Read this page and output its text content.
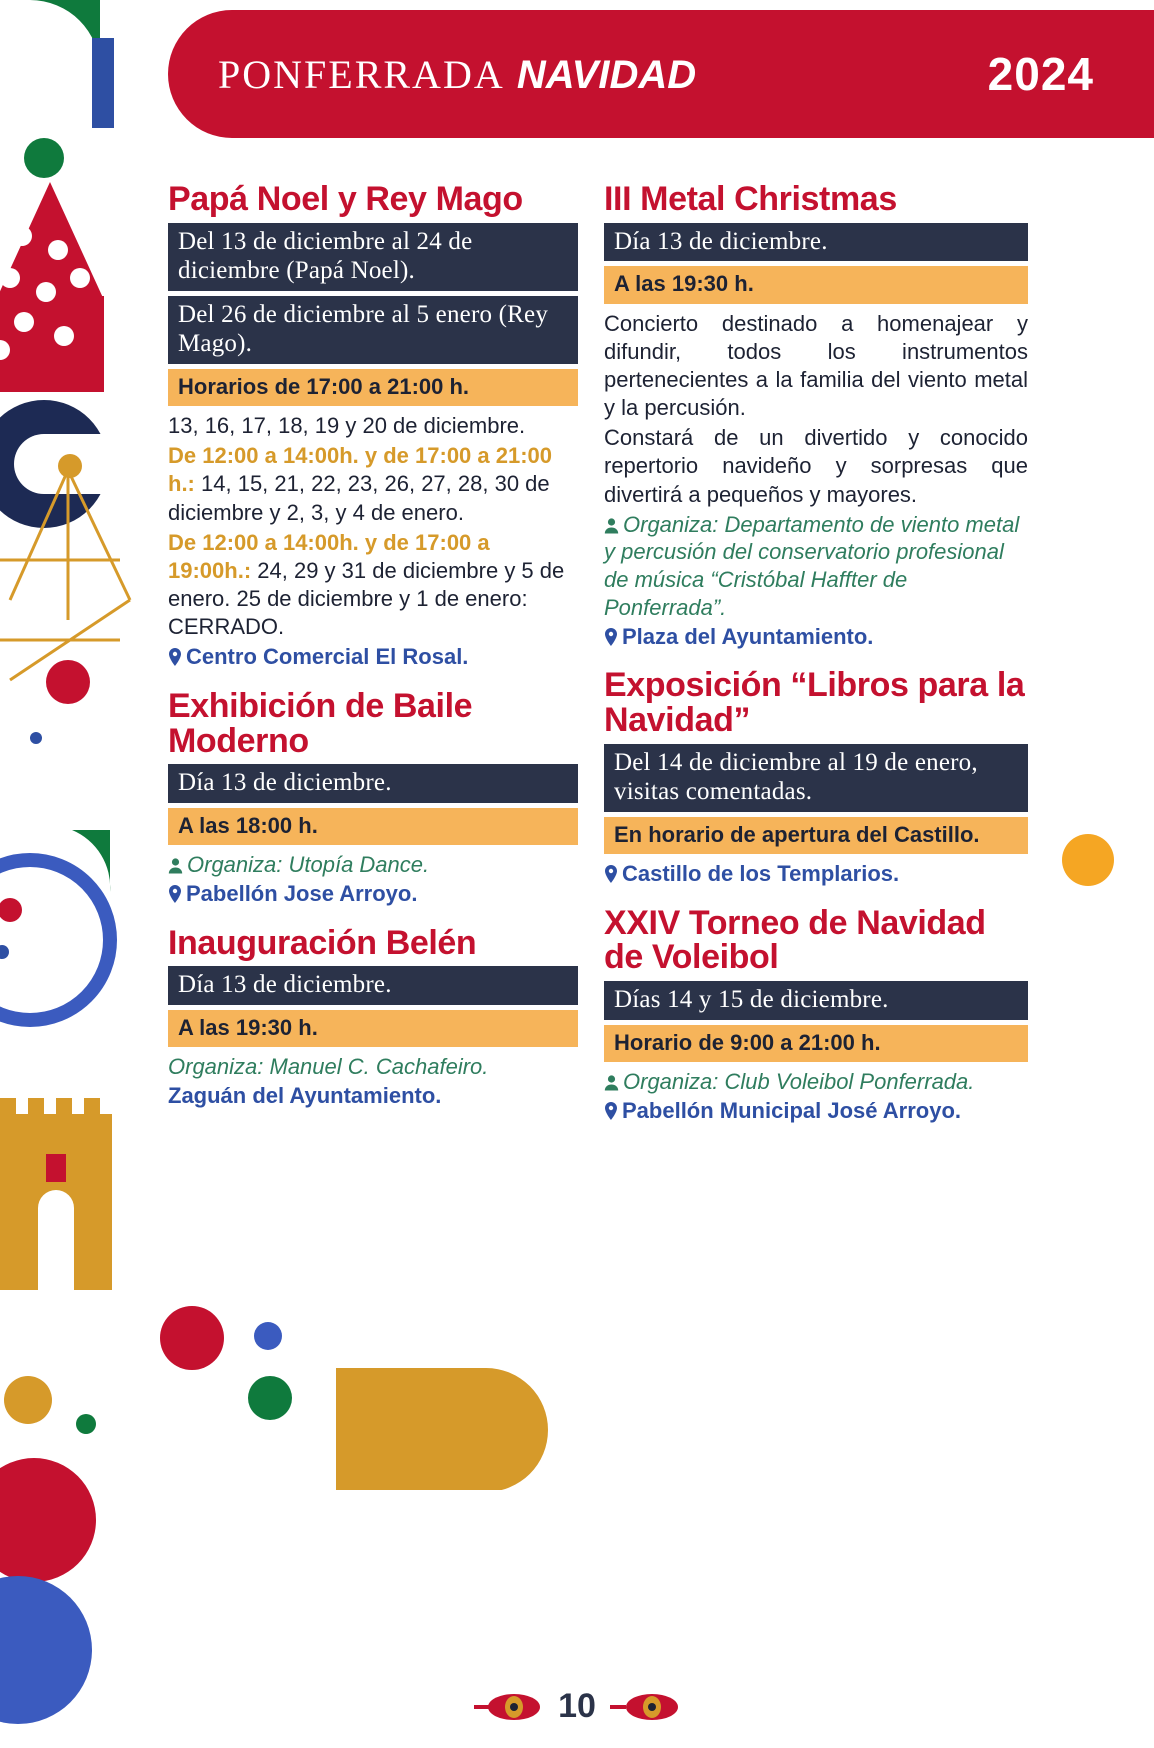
PONFERRADA NAVIDAD	2024
Papá Noel y Rey Mago
Del 13 de diciembre al 24 de diciembre (Papá Noel).
Del 26 de diciembre al 5 enero (Rey Mago).
Horarios de 17:00 a 21:00 h.

13, 16, 17, 18, 19 y 20 de diciembre.

De 12:00 a 14:00h. y de 17:00 a 21:00 h.: 14, 15, 21, 22, 23, 26, 27, 28, 30 de diciembre y 2, 3, y 4 de enero.

De 12:00 a 14:00h. y de 17:00 a 19:00h.: 24, 29 y 31 de diciembre y 5 de enero. 25 de diciembre y 1 de enero: CERRADO.

Centro Comercial El Rosal.

Exhibición de Baile Moderno
Día 13 de diciembre.
A las 18:00 h.

Organiza: Utopía Dance.

Pabellón Jose Arroyo.

Inauguración Belén
Día 13 de diciembre.
A las 19:30 h.

Organiza: Manuel C. Cachafeiro.

Zaguán del Ayuntamiento.

III Metal Christmas
Día 13 de diciembre.
A las 19:30 h.

Concierto destinado a homenajear y difundir, todos los instrumentos pertenecientes a la familia del viento metal y la percusión.

Constará de un divertido y conocido repertorio navideño y sorpresas que divertirá a pequeños y mayores.

Organiza: Departamento de viento metal y percusión del conservatorio profesional de música “Cristóbal Haffter de Ponferrada”.

Plaza del Ayuntamiento.

Exposición “Libros para la Navidad”
Del 14 de diciembre al 19 de enero, visitas comentadas.
En horario de apertura del Castillo.

Castillo de los Templarios.

XXIV Torneo de Navidad de Voleibol
Días 14 y 15 de diciembre.
Horario de 9:00 a 21:00 h.

Organiza: Club Voleibol Ponferrada.

Pabellón Municipal José Arroyo.

10
